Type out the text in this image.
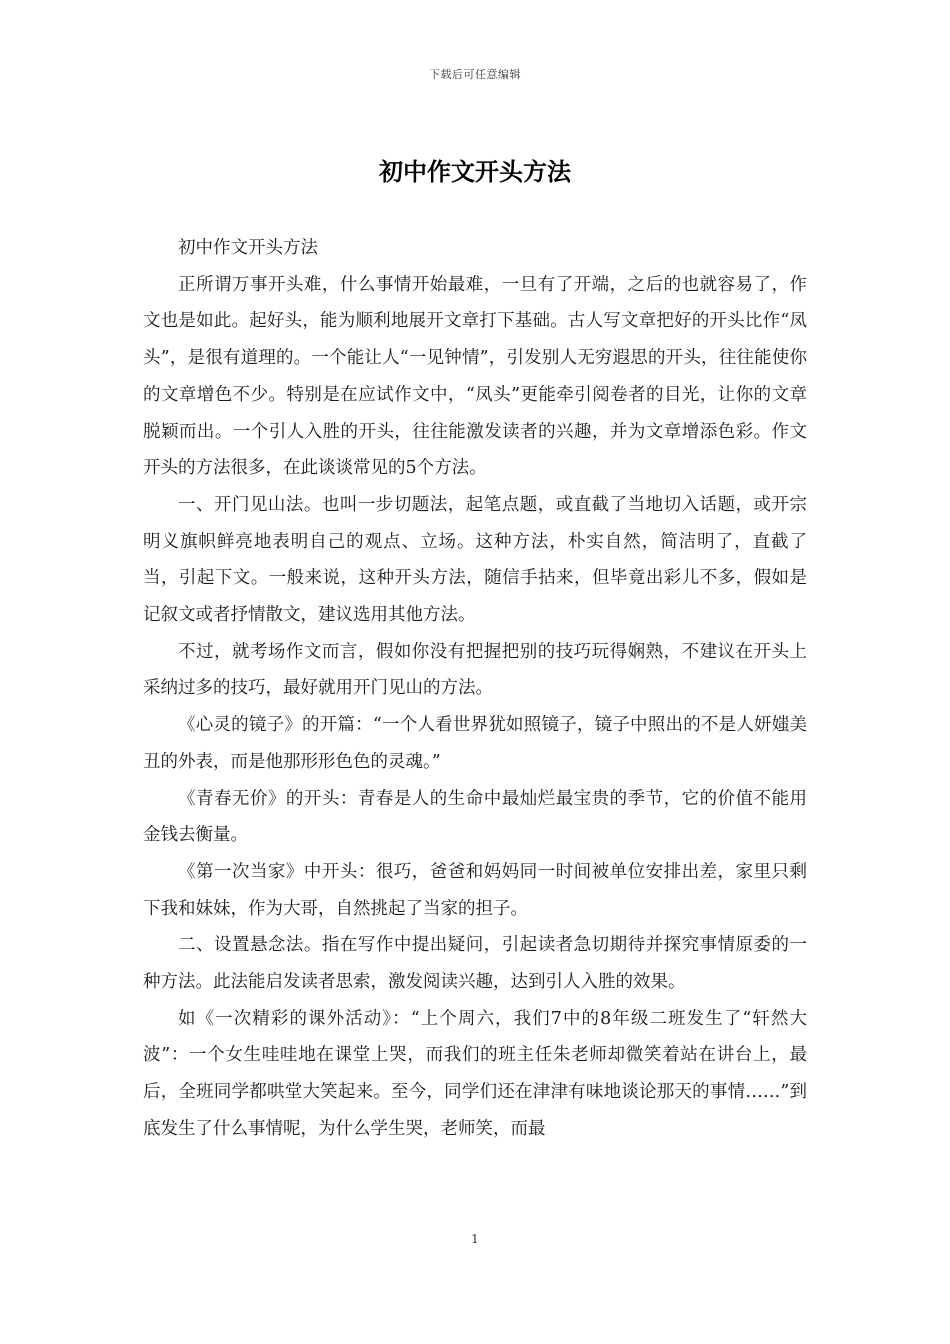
下载后可任意编辑
初中作文开头方法

初中作文开头方法

正所谓万事开头难，什么事情开始最难，一旦有了开端，之后的也就容易了，作文也是如此。起好头，能为顺利地展开文章打下基础。古人写文章把好的开头比作“凤头”，是很有道理的。一个能让人“一见钟情”，引发别人无穷遐思的开头，往往能使你的文章增色不少。特别是在应试作文中，“凤头”更能牵引阅卷者的目光，让你的文章脱颖而出。一个引人入胜的开头，往往能激发读者的兴趣，并为文章增添色彩。作文开头的方法很多，在此谈谈常见的5个方法。

一、开门见山法。也叫一步切题法，起笔点题，或直截了当地切入话题，或开宗明义旗帜鲜亮地表明自己的观点、立场。这种方法，朴实自然，简洁明了，直截了当，引起下文。一般来说，这种开头方法，随信手拈来，但毕竟出彩儿不多，假如是记叙文或者抒情散文，建议选用其他方法。

不过，就考场作文而言，假如你没有把握把别的技巧玩得娴熟，不建议在开头上采纳过多的技巧，最好就用开门见山的方法。

《心灵的镜子》的开篇：“一个人看世界犹如照镜子，镜子中照出的不是人妍媸美丑的外表，而是他那形形色色的灵魂。”

《青春无价》的开头：青春是人的生命中最灿烂最宝贵的季节，它的价值不能用金钱去衡量。

《第一次当家》中开头：很巧，爸爸和妈妈同一时间被单位安排出差，家里只剩下我和妹妹，作为大哥，自然挑起了当家的担子。

二、设置悬念法。指在写作中提出疑问，引起读者急切期待并探究事情原委的一种方法。此法能启发读者思索，激发阅读兴趣，达到引人入胜的效果。

如《一次精彩的课外活动》：“上个周六，我们7中的8年级二班发生了“轩然大波”：一个女生哇哇地在课堂上哭，而我们的班主任朱老师却微笑着站在讲台上，最后，全班同学都哄堂大笑起来。至今，同学们还在津津有味地谈论那天的事情……”到底发生了什么事情呢，为什么学生哭，老师笑，而最

1
